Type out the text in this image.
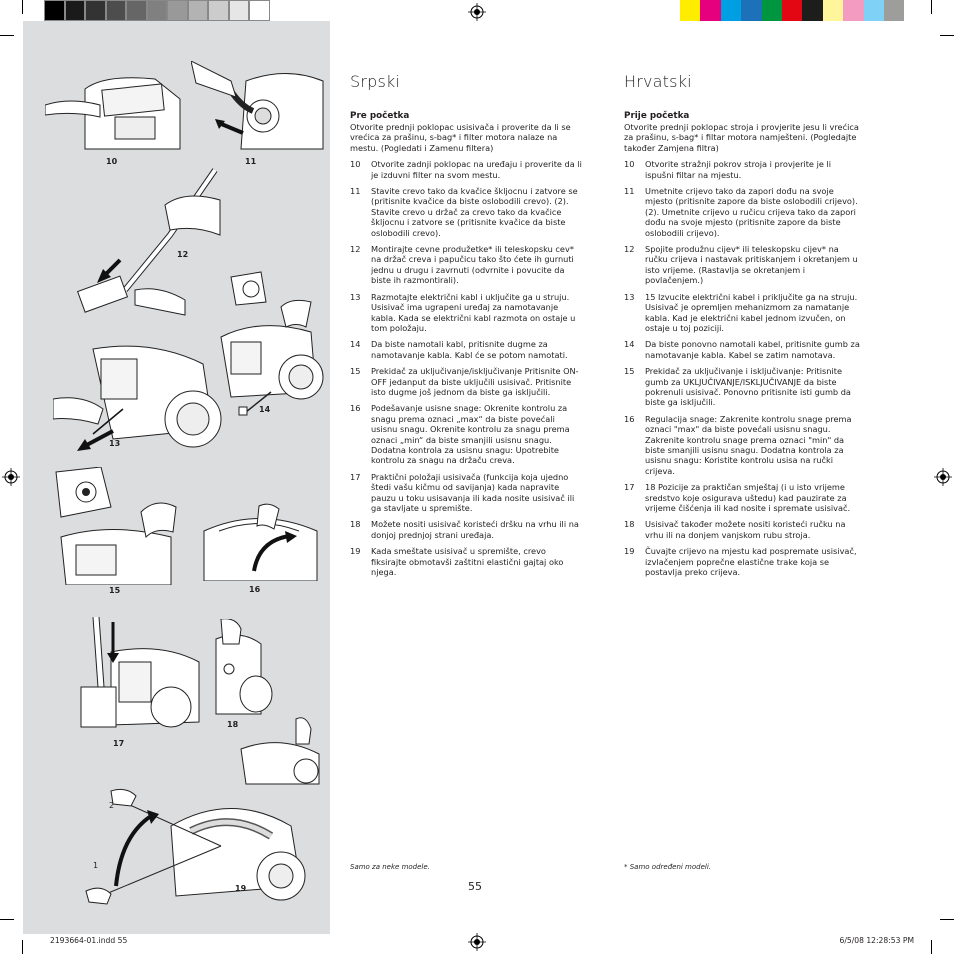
10	11
12
13
14
15	16
17
18
2
1
19
Srpski
Pre početka
Otvorite prednji poklopac usisivača i proverite da li se vrećica za prašinu, s-bag* i filter motora nalaze na mestu. (Pogledati i Zamenu filtera)
10	Otvorite zadnji poklopac na uređaju i proverite da li je izduvni filter na svom mestu.
11	Stavite crevo tako da kvačice škljocnu i zatvore se (pritisnite kvačice da biste oslobodili crevo). (2). Stavite crevo u držač za crevo tako da kvačice škljocnu i zatvore se (pritisnite kvačice da biste oslobodili crevo).
12	Montirajte cevne produžetke* ili teleskopsku cev* na držač creva i papučicu tako što ćete ih gurnuti jednu u drugu i zavrnuti (odvrnite i povucite da biste ih razmontirali).
13	Razmotajte električni kabl i uključite ga u struju. Usisivač ima ugrapeni uređaj za namotavanje kabla. Kada se električni kabl razmota on ostaje u tom položaju.
14	Da biste namotali kabl, pritisnite dugme za namotavanje kabla. Kabl će se potom namotati.
15	Prekidač za uključivanje/isključivanje Pritisnite ON-OFF jedanput da biste uključili usisivač. Pritisnite isto dugme još jednom da biste ga isključili.
16	Podešavanje usisne snage: Okrenite kontrolu za snagu prema oznaci „max“ da biste povećali usisnu snagu. Okrenite kontrolu za snagu prema oznaci „min“ da biste smanjili usisnu snagu. Dodatna kontrola za usisnu snagu: Upotrebite kontrolu za snagu na držaču creva.
17	Praktični položaji usisivača (funkcija koja ujedno štedi vašu kičmu od savijanja) kada napravite pauzu u toku usisavanja ili kada nosite usisivač ili ga stavljate u spremište.
18	Možete nositi usisivač koristeći dršku na vrhu ili na donjoj prednjoj strani uređaja.
19	Kada smeštate usisivač u spremište, crevo fiksirajte obmotavši zaštitni elastični gajtaj oko njega.
Samo za neke modele.
Hrvatski
Prije početka
Otvorite prednji poklopac stroja i provjerite jesu li vrećica za prašinu, s-bag* i filtar motora namješteni. (Pogledajte također Zamjena filtra)
10	Otvorite stražnji pokrov stroja i provjerite je li ispušni filtar na mjestu.
11	Umetnite crijevo tako da zapori dođu na svoje mjesto (pritisnite zapore da biste oslobodili crijevo). (2). Umetnite crijevo u ručicu crijeva tako da zapori dođu na svoje mjesto (pritisnite zapore da biste oslobodili crijevo).
12	Spojite produžnu cijev* ili teleskopsku cijev* na ručku crijeva i nastavak pritiskanjem i okretanjem u isto vrijeme. (Rastavlja se okretanjem i povlačenjem.)
13	15 Izvucite električni kabel i priključite ga na struju. Usisivač je opremljen mehanizmom za namatanje kabla. Kad je električni kabel jednom izvučen, on ostaje u toj poziciji.
14	Da biste ponovno namotali kabel, pritisnite gumb za namotavanje kabla. Kabel se zatim namotava.
15	Prekidač za uključivanje i isključivanje: Pritisnite gumb za UKLJUČIVANJE/ISKLJUČIVANJE da biste pokrenuli usisivač. Ponovno pritisnite isti gumb da biste ga isključili.
16	Regulacija snage: Zakrenite kontrolu snage prema oznaci "max" da biste povećali usisnu snagu. Zakrenite kontrolu snage prema oznaci "min" da biste smanjili usisnu snagu. Dodatna kontrola za usisnu snagu: Koristite kontrolu usisa na ručki crijeva.
17	18 Pozicije za praktičan smještaj (i u isto vrijeme sredstvo koje osigurava uštedu) kad pauzirate za vrijeme čišćenja ili kad nosite i spremate usisivač.
18	Usisivač također možete nositi koristeći ručku na vrhu ili na donjem vanjskom rubu stroja.
19	Čuvajte crijevo na mjestu kad pospremate usisivač, izvlačenjem poprečne elastične trake koja se postavlja preko crijeva.
* Samo određeni modeli.
55
2193664-01.indd 55	6/5/08 12:28:53 PM
